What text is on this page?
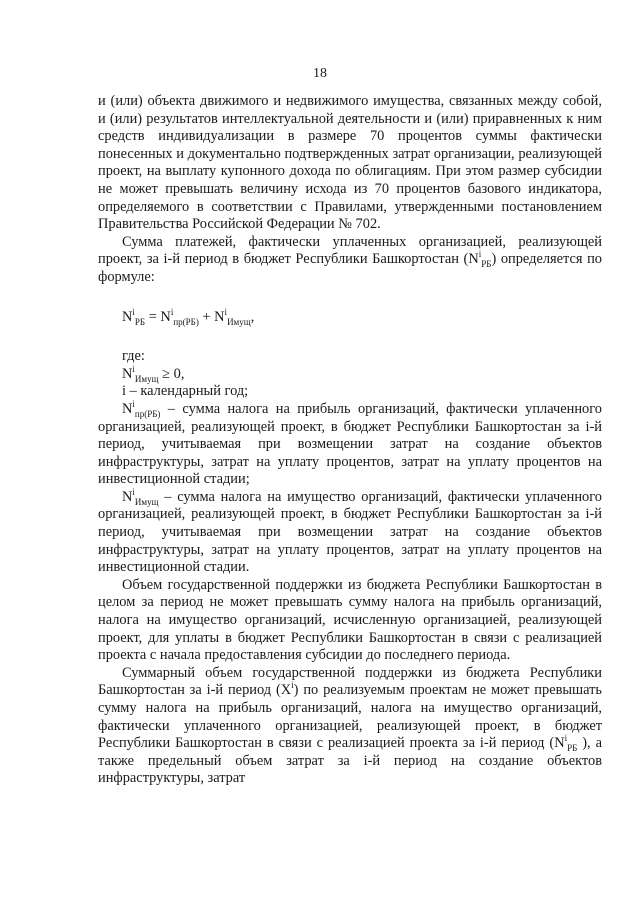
18

и (или) объекта движимого и недвижимого имущества, связанных между собой, и (или) результатов интеллектуальной деятельности и (или) приравненных к ним средств индивидуализации в размере 70 процентов суммы фактически понесенных и документально подтвержденных затрат организации, реализующей проект, на выплату купонного дохода по облигациям. При этом размер субсидии не может превышать величину исхода из 70 процентов базового индикатора, определяемого в соответствии с Правилами, утвержденными постановлением Правительства Российской Федерации № 702.

Сумма платежей, фактически уплаченных организацией, реализующей проект, за i-й период в бюджет Республики Башкортостан $(N^i_{РБ})$ определяется по формуле:

$N^i_{РБ} = N^i_{пр(РБ)} + N^i_{Имущ}$,

где:

$N^i_{Имущ} \ge 0$,

i – календарный год;

$N^i_{пр(РБ)}$ – сумма налога на прибыль организаций, фактически уплаченного организацией, реализующей проект, в бюджет Республики Башкортостан за i-й период, учитываемая при возмещении затрат на создание объектов инфраструктуры, затрат на уплату процентов, затрат на уплату процентов на инвестиционной стадии;

$N^i_{Имущ}$ – сумма налога на имущество организаций, фактически уплаченного организацией, реализующей проект, в бюджет Республики Башкортостан за i-й период, учитываемая при возмещении затрат на создание объектов инфраструктуры, затрат на уплату процентов, затрат на уплату процентов на инвестиционной стадии.

Объем государственной поддержки из бюджета Республики Башкортостан в целом за период не может превышать сумму налога на прибыль организаций, налога на имущество организаций, исчисленную организацией, реализующей проект, для уплаты в бюджет Республики Башкортостан в связи с реализацией проекта с начала предоставления субсидии до последнего периода.

Суммарный объем государственной поддержки из бюджета Республики Башкортостан за i-й период $(X^i)$ по реализуемым проектам не может превышать сумму налога на прибыль организаций, налога на имущество организаций, фактически уплаченного организацией, реализующей проект, в бюджет Республики Башкортостан в связи с реализацией проекта за i-й период ($N^i_{РБ}$ ), а также предельный объем затрат за i-й период на создание объектов инфраструктуры, затрат
